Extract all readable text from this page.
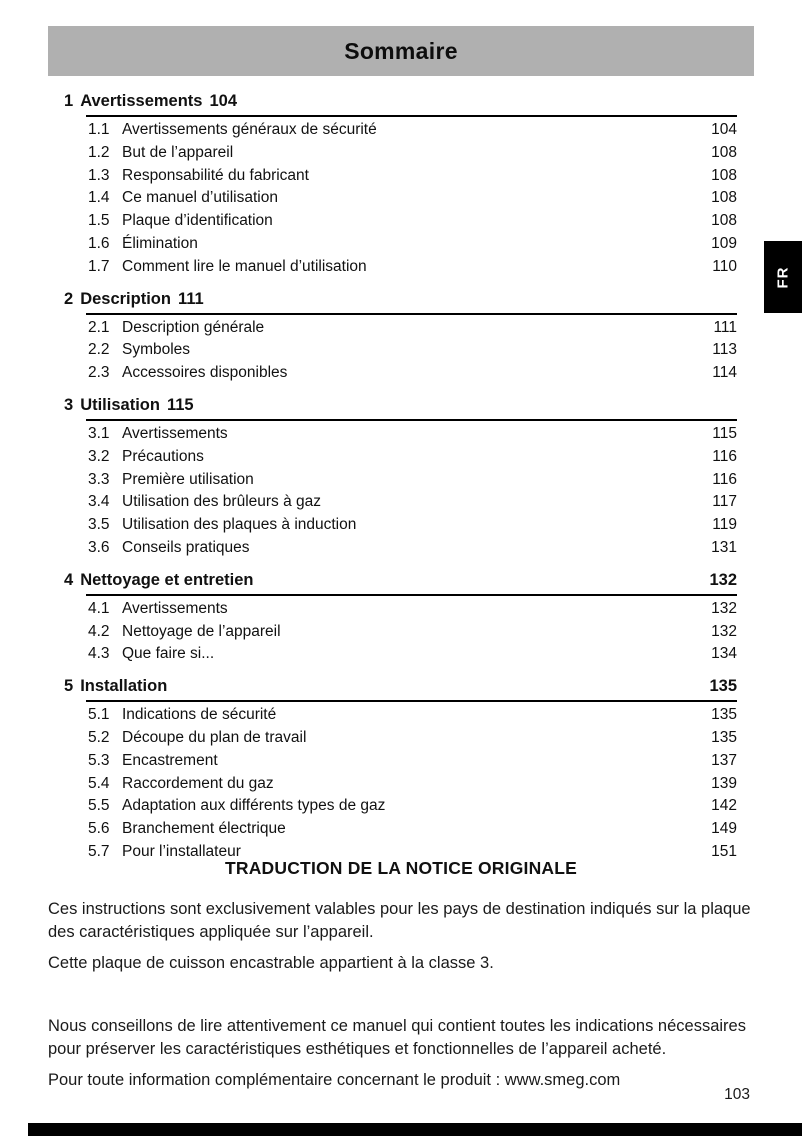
Sommaire
FR
1 Avertissements 104
1.1 Avertissements généraux de sécurité	104
1.2 But de l’appareil	108
1.3 Responsabilité du fabricant	108
1.4 Ce manuel d’utilisation	108
1.5 Plaque d’identification	108
1.6 Élimination	109
1.7 Comment lire le manuel d’utilisation	110
2 Description 111
2.1 Description générale	111
2.2 Symboles	113
2.3 Accessoires disponibles	114
3 Utilisation 115
3.1 Avertissements	115
3.2 Précautions	116
3.3 Première utilisation	116
3.4 Utilisation des brûleurs à gaz	117
3.5 Utilisation des plaques à induction	119
3.6 Conseils pratiques	131
4 Nettoyage et entretien	132
4.1 Avertissements	132
4.2 Nettoyage de l’appareil	132
4.3 Que faire si...	134
5 Installation	135
5.1 Indications de sécurité	135
5.2 Découpe du plan de travail	135
5.3 Encastrement	137
5.4 Raccordement du gaz	139
5.5 Adaptation aux différents types de gaz	142
5.6 Branchement électrique	149
5.7 Pour l’installateur	151
TRADUCTION DE LA NOTICE ORIGINALE

Ces instructions sont exclusivement valables pour les pays de destination indiqués sur la plaque des caractéristiques appliquée sur l’appareil.

Cette plaque de cuisson encastrable appartient à la classe 3.

Nous conseillons de lire attentivement ce manuel qui contient toutes les indications nécessaires pour préserver les caractéristiques esthétiques et fonctionnelles de l’appareil acheté.

Pour toute information complémentaire concernant le produit : www.smeg.com

103
